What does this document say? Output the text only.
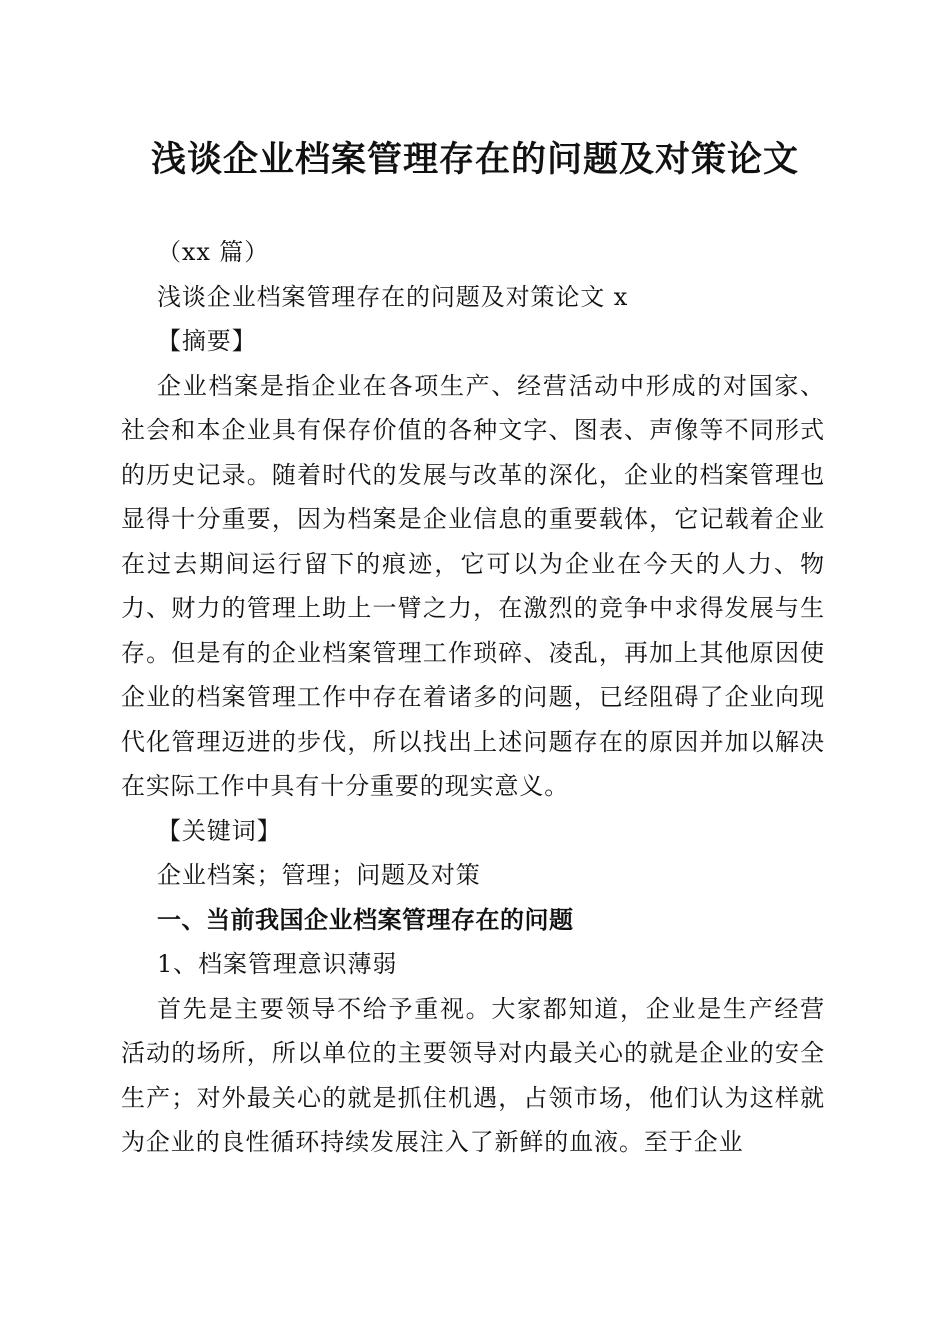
浅谈企业档案管理存在的问题及对策论文

（xx 篇）

浅谈企业档案管理存在的问题及对策论文 x

【摘要】

企业档案是指企业在各项生产、经营活动中形成的对国家、社会和本企业具有保存价值的各种文字、图表、声像等不同形式的历史记录。随着时代的发展与改革的深化，企业的档案管理也显得十分重要，因为档案是企业信息的重要载体，它记载着企业在过去期间运行留下的痕迹，它可以为企业在今天的人力、物力、财力的管理上助上一臂之力，在激烈的竞争中求得发展与生存。但是有的企业档案管理工作琐碎、凌乱，再加上其他原因使企业的档案管理工作中存在着诸多的问题，已经阻碍了企业向现代化管理迈进的步伐，所以找出上述问题存在的原因并加以解决在实际工作中具有十分重要的现实意义。

【关键词】

企业档案；管理；问题及对策

一、当前我国企业档案管理存在的问题

1、档案管理意识薄弱

首先是主要领导不给予重视。大家都知道，企业是生产经营活动的场所，所以单位的主要领导对内最关心的就是企业的安全生产；对外最关心的就是抓住机遇，占领市场，他们认为这样就为企业的良性循环持续发展注入了新鲜的血液。至于企业
